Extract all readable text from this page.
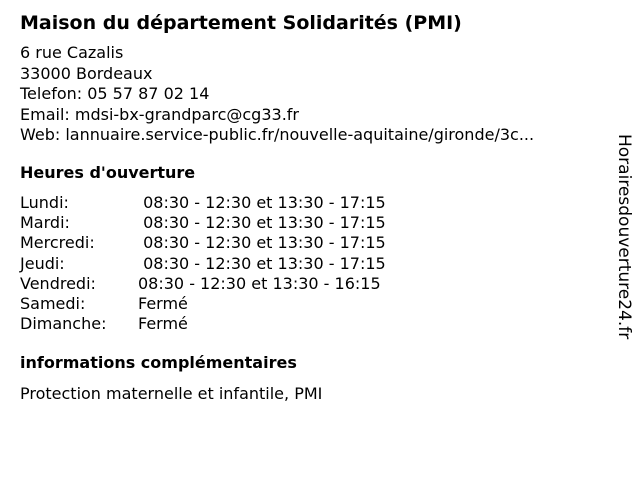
Maison du département Solidarités (PMI)
6 rue Cazalis
33000 Bordeaux
Telefon: 05 57 87 02 14
Email: mdsi-bx-grandparc@cg33.fr
Web: lannuaire.service-public.fr/nouvelle-aquitaine/gironde/3c...
Heures d'ouverture
Lundi:	08:30 - 12:30 et 13:30 - 17:15
Mardi:	08:30 - 12:30 et 13:30 - 17:15
Mercredi:	08:30 - 12:30 et 13:30 - 17:15
Jeudi:	08:30 - 12:30 et 13:30 - 17:15
Vendredi:	08:30 - 12:30 et 13:30 - 16:15
Samedi:	Fermé
Dimanche: Fermé
informations complémentaires
Protection maternelle et infantile, PMI
Horairesdouverture24.fr
